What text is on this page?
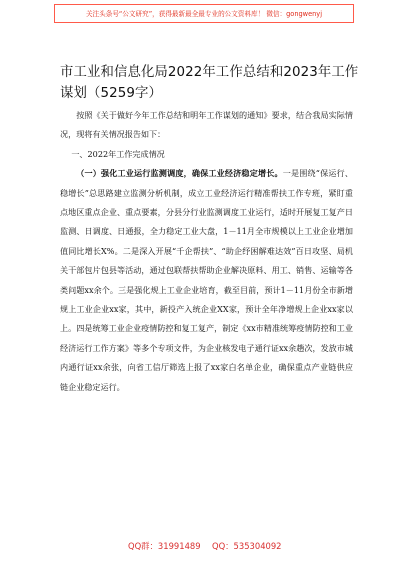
关注头条号“公文研究”，获得最新最全最专业的公文资料库！ 微信：gongwenyj
市工业和信息化局2022年工作总结和2023年工作谋划（5259字）

按照《关于做好今年工作总结和明年工作谋划的通知》要求，结合我局实际情况，现将有关情况报告如下：

一、2022年工作完成情况

（一）强化工业运行监测调度，确保工业经济稳定增长。一是围绕“保运行、稳增长”总思路建立监测分析机制，成立工业经济运行精准帮扶工作专班，紧盯重点地区重点企业、重点要素，分县分行业监测调度工业运行，适时开展复工复产日监测、日调度、日通报，全力稳定工业大盘，1－11月全市规模以上工业企业增加值同比增长X%。二是深入开展“千企帮扶”、“助企纾困解难达效”百日攻坚、局机关干部包片包县等活动，通过包联帮扶帮助企业解决原料、用工、销售、运输等各类问题xx余个。三是强化规上工业企业培育，截至目前，预计1－11月份全市新增规上工业企业xx家，其中，新投产入统企业XX家，预计全年净增规上企业xx家以上。四是统筹工业企业疫情防控和复工复产，制定《xx市精准统筹疫情防控和工业经济运行工作方案》等多个专项文件，为企业核发电子通行证xx余趟次，发放市城内通行证xx余张，向省工信厅筛选上报了xx家白名单企业，确保重点产业链供应链企业稳定运行。

QQ群：31991489 QQ：535304092
